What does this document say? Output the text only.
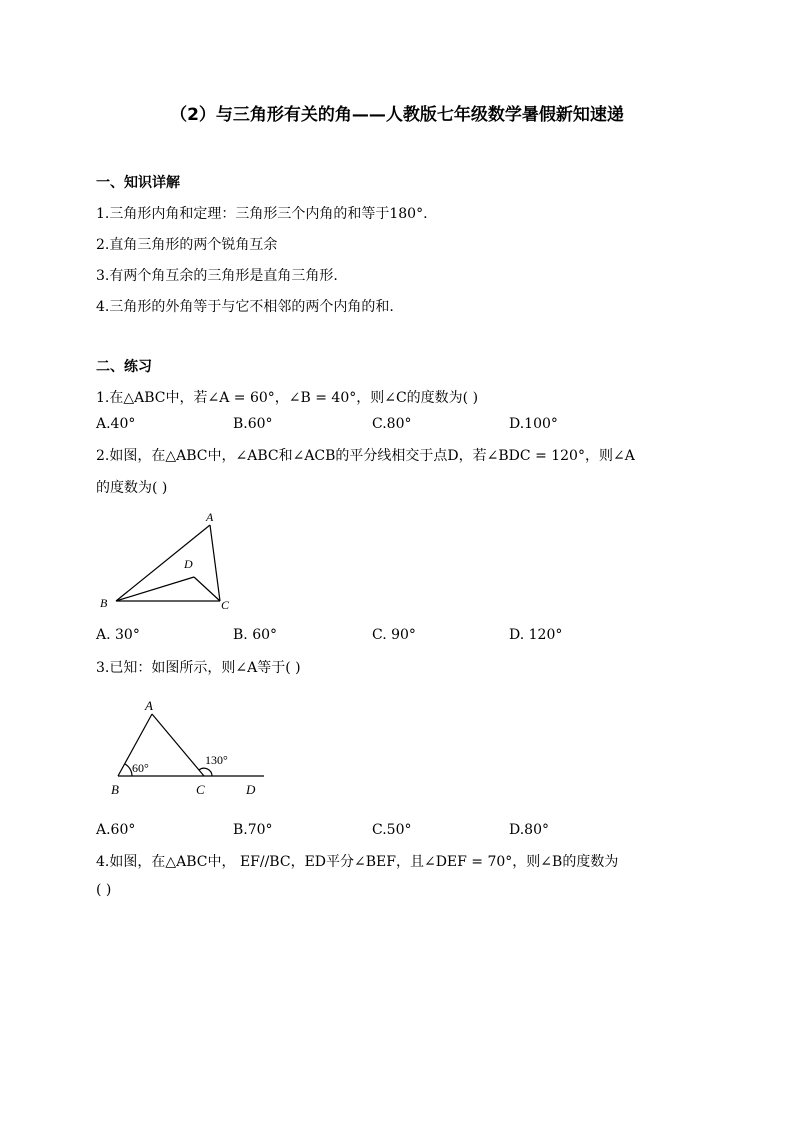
（2）与三角形有关的角——人教版七年级数学暑假新知速递
一、知识详解
1.三角形内角和定理：三角形三个内角的和等于180°.
2.直角三角形的两个锐角互余
3.有两个角互余的三角形是直角三角形.
4.三角形的外角等于与它不相邻的两个内角的和.
二、练习
1.在△ABC中，若∠A = 60°，∠B = 40°，则∠C的度数为( )
A.40°	B.60°	C.80°	D.100°
2.如图，在△ABC中，∠ABC和∠ACB的平分线相交于点D，若∠BDC = 120°，则∠A
的度数为( )
A
B	C
D
A. 30°	B. 60°	C. 90°	D. 120°
3.已知：如图所示，则∠A等于( )
A
B	C	D
60°
130°
A.60°	B.70°	C.50°	D.80°
4.如图，在△ABC中， EF//BC，ED平分∠BEF，且∠DEF = 70°，则∠B的度数为
( )
